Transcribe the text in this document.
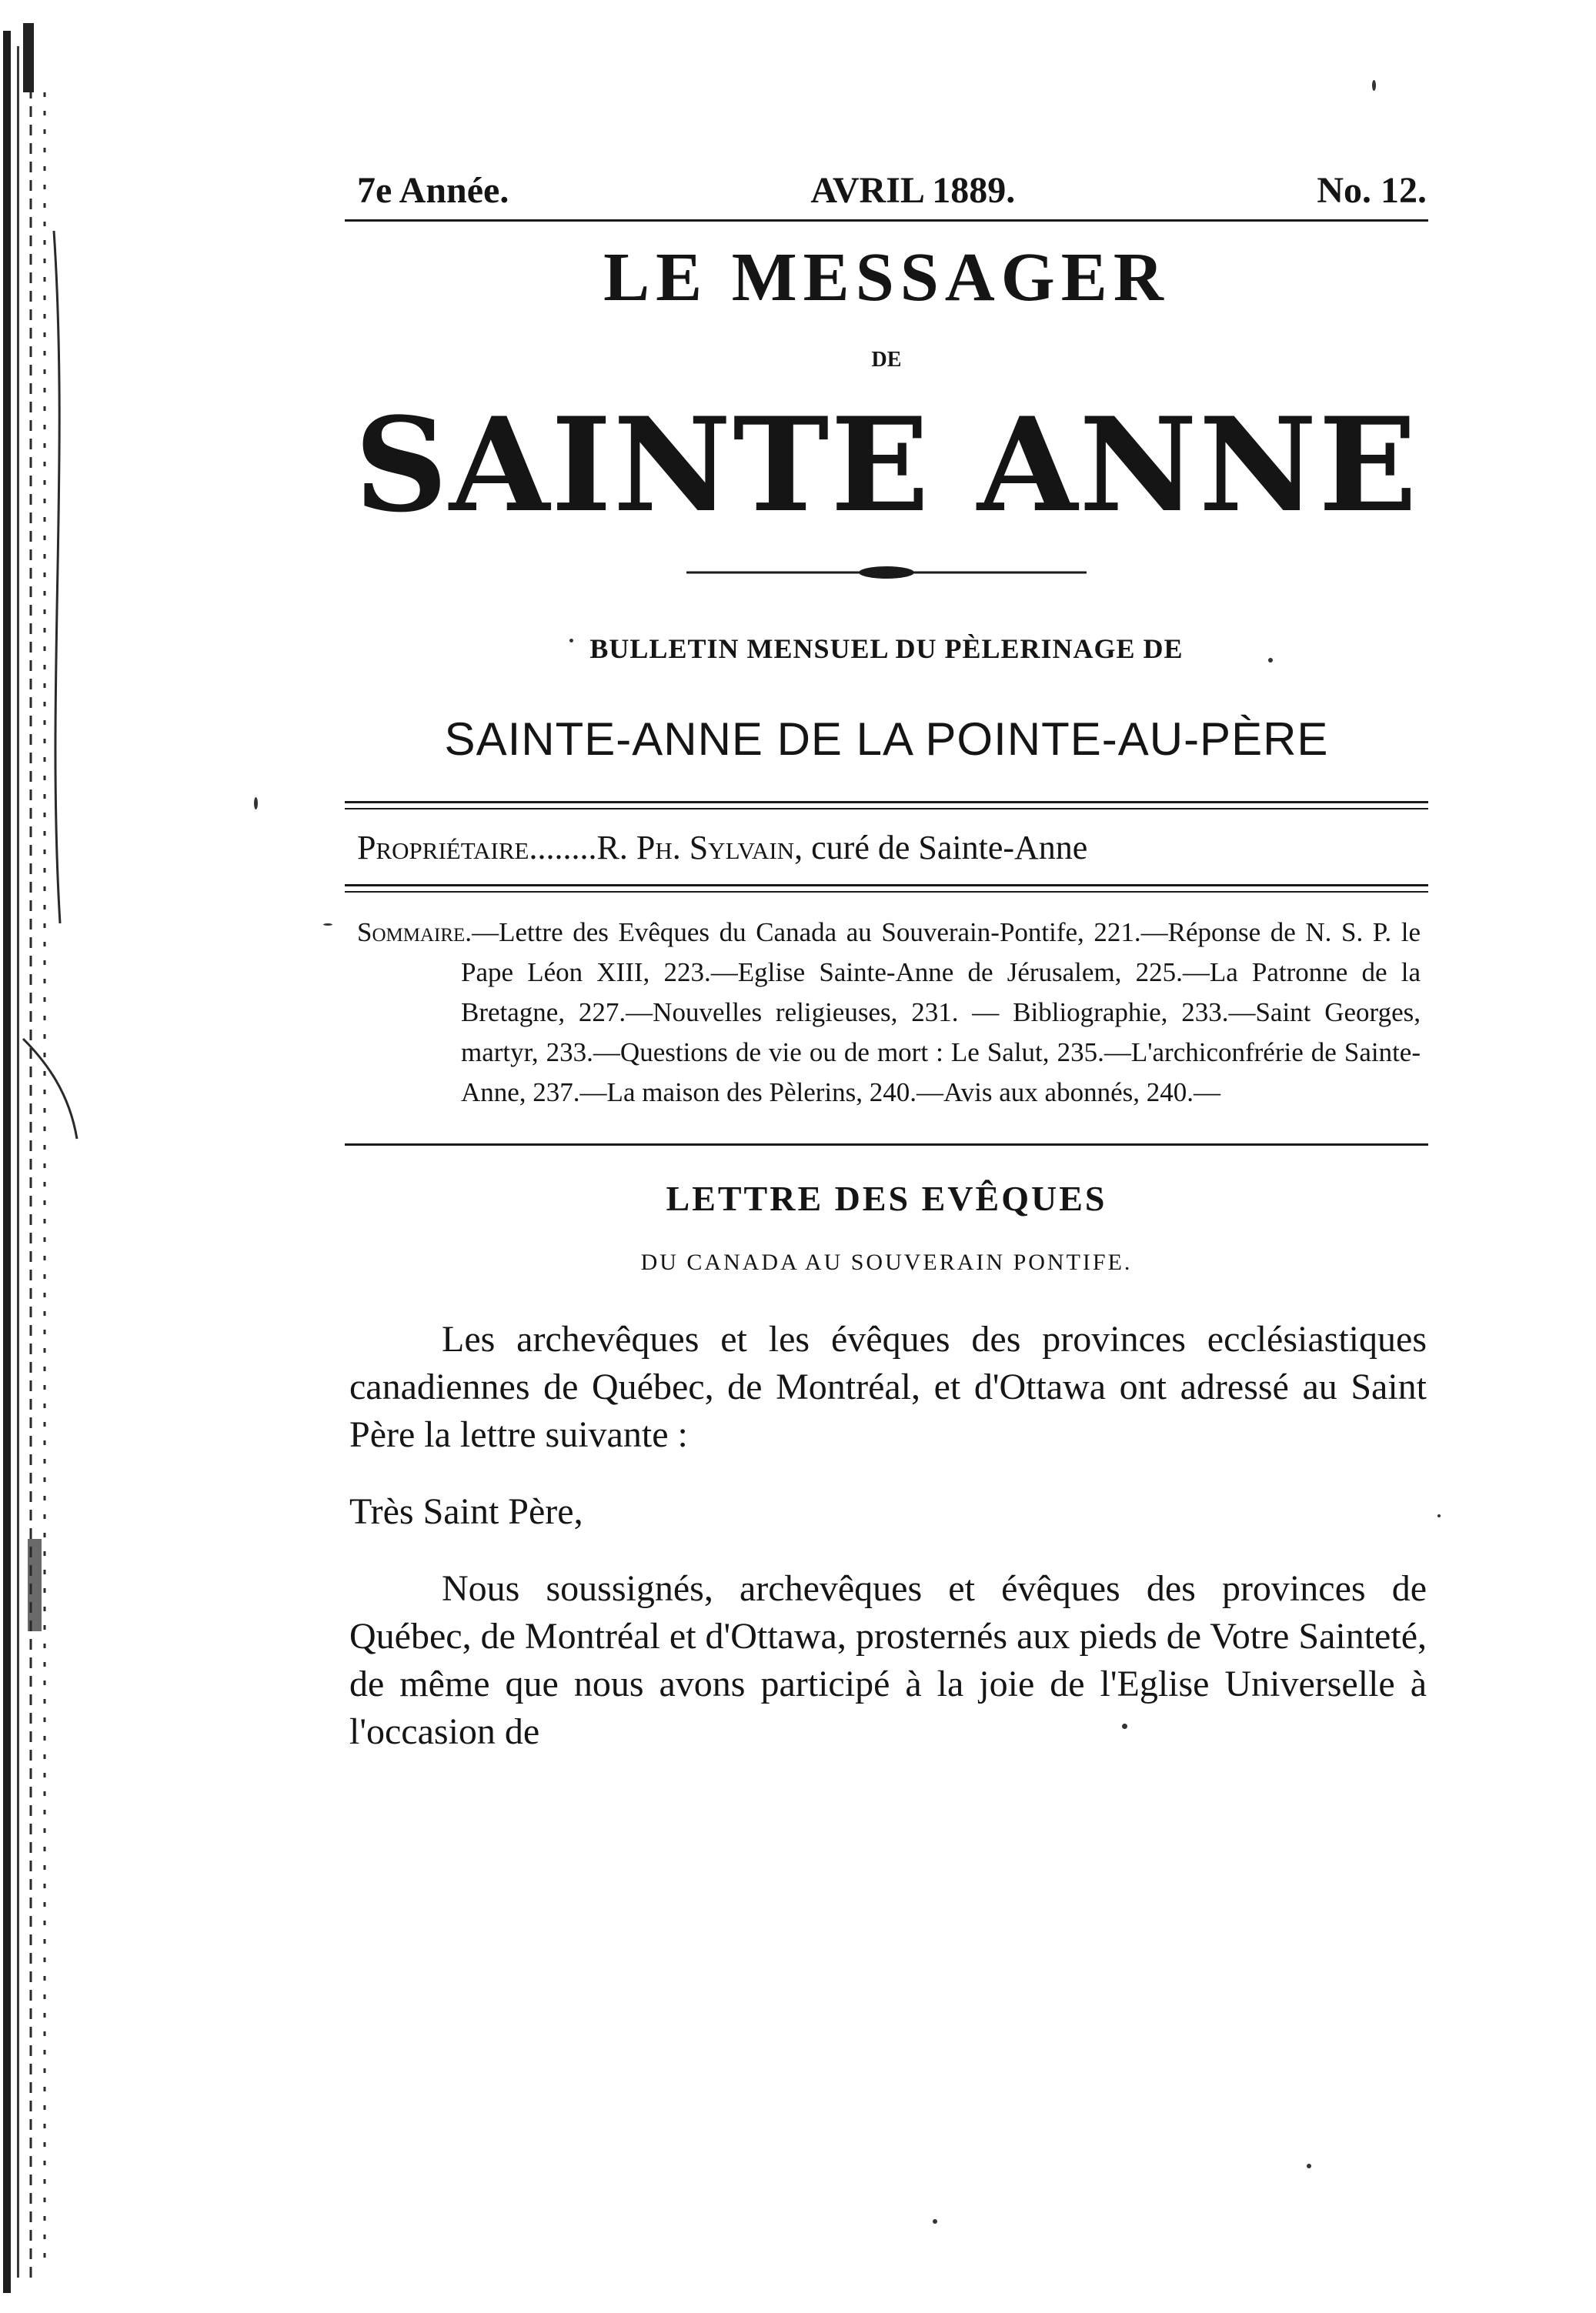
7e Année.	AVRIL 1889.	No. 12.
LE MESSAGER
DE
SAINTE ANNE
BULLETIN MENSUEL DU PÈLERINAGE DE
SAINTE-ANNE DE LA POINTE-AU-PÈRE
Propriétaire........R. Ph. Sylvain, curé de Sainte-Anne

Sommaire.—Lettre des Evêques du Canada au Souverain-Pontife, 221.—Réponse de N. S. P. le Pape Léon XIII, 223.—Eglise Sainte-Anne de Jérusalem, 225.—La Patronne de la Bretagne, 227.—Nouvelles religieuses, 231. — Bibliographie, 233.—Saint Georges, martyr, 233.—Questions de vie ou de mort : Le Salut, 235.—L'archiconfrérie de Sainte-Anne, 237.—La maison des Pèlerins, 240.—Avis aux abonnés, 240.—

LETTRE DES EVÊQUES
DU CANADA AU SOUVERAIN PONTIFE.

Les archevêques et les évêques des provinces ecclésiastiques canadiennes de Québec, de Montréal, et d'Ottawa ont adressé au Saint Père la lettre suivante :

Très Saint Père,

Nous soussignés, archevêques et évêques des provinces de Québec, de Montréal et d'Ottawa, prosternés aux pieds de Votre Sainteté, de même que nous avons participé à la joie de l'Eglise Universelle à l'occasion de
